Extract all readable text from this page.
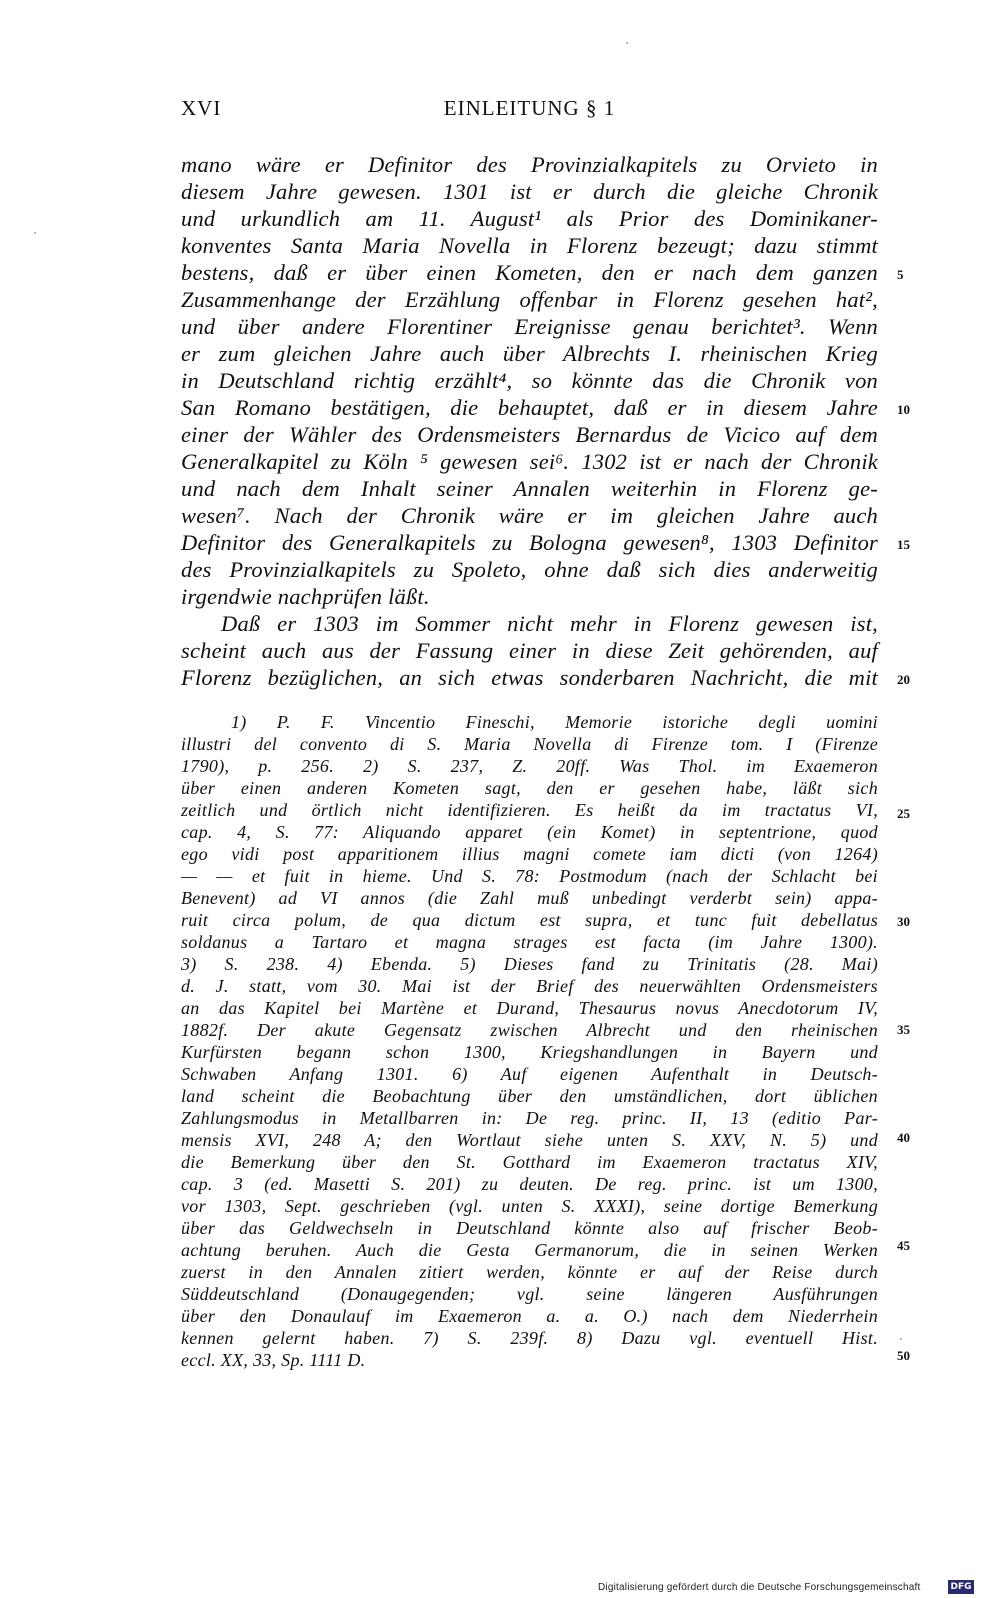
XVI	EINLEITUNG § 1
mano wäre er Definitor des Provinzialkapitels zu Orvieto in
diesem Jahre gewesen. 1301 ist er durch die gleiche Chronik
und urkundlich am 11. August¹ als Prior des Dominikaner-
konventes Santa Maria Novella in Florenz bezeugt; dazu stimmt
bestens, daß er über einen Kometen, den er nach dem ganzen
Zusammenhange der Erzählung offenbar in Florenz gesehen hat²,
und über andere Florentiner Ereignisse genau berichtet³. Wenn
er zum gleichen Jahre auch über Albrechts I. rheinischen Krieg
in Deutschland richtig erzählt⁴, so könnte das die Chronik von
San Romano bestätigen, die behauptet, daß er in diesem Jahre
einer der Wähler des Ordensmeisters Bernardus de Vicico auf dem
Generalkapitel zu Köln ⁵ gewesen sei⁶. 1302 ist er nach der Chronik
und nach dem Inhalt seiner Annalen weiterhin in Florenz ge-
wesen⁷. Nach der Chronik wäre er im gleichen Jahre auch
Definitor des Generalkapitels zu Bologna gewesen⁸, 1303 Definitor
des Provinzialkapitels zu Spoleto, ohne daß sich dies anderweitig
irgendwie nachprüfen läßt.
Daß er 1303 im Sommer nicht mehr in Florenz gewesen ist,
scheint auch aus der Fassung einer in diese Zeit gehörenden, auf
Florenz bezüglichen, an sich etwas sonderbaren Nachricht, die mit
1) P. F. Vincentio Fineschi, Memorie istoriche degli uomini
illustri del convento di S. Maria Novella di Firenze tom. I (Firenze
1790), p. 256. 2) S. 237, Z. 20ff. Was Thol. im Exaemeron
über einen anderen Kometen sagt, den er gesehen habe, läßt sich
zeitlich und örtlich nicht identifizieren. Es heißt da im tractatus VI,
cap. 4, S. 77: Aliquando apparet (ein Komet) in septentrione, quod
ego vidi post apparitionem illius magni comete iam dicti (von 1264)
— — et fuit in hieme. Und S. 78: Postmodum (nach der Schlacht bei
Benevent) ad VI annos (die Zahl muß unbedingt verderbt sein) appa-
ruit circa polum, de qua dictum est supra, et tunc fuit debellatus
soldanus a Tartaro et magna strages est facta (im Jahre 1300).
3) S. 238. 4) Ebenda. 5) Dieses fand zu Trinitatis (28. Mai)
d. J. statt, vom 30. Mai ist der Brief des neuerwählten Ordensmeisters
an das Kapitel bei Martène et Durand, Thesaurus novus Anecdotorum IV,
1882f. Der akute Gegensatz zwischen Albrecht und den rheinischen
Kurfürsten begann schon 1300, Kriegshandlungen in Bayern und
Schwaben Anfang 1301. 6) Auf eigenen Aufenthalt in Deutsch-
land scheint die Beobachtung über den umständlichen, dort üblichen
Zahlungsmodus in Metallbarren in: De reg. princ. II, 13 (editio Par-
mensis XVI, 248 A; den Wortlaut siehe unten S. XXV, N. 5) und
die Bemerkung über den St. Gotthard im Exaemeron tractatus XIV,
cap. 3 (ed. Masetti S. 201) zu deuten. De reg. princ. ist um 1300,
vor 1303, Sept. geschrieben (vgl. unten S. XXXI), seine dortige Bemerkung
über das Geldwechseln in Deutschland könnte also auf frischer Beob-
achtung beruhen. Auch die Gesta Germanorum, die in seinen Werken
zuerst in den Annalen zitiert werden, könnte er auf der Reise durch
Süddeutschland (Donaugegenden; vgl. seine längeren Ausführungen
über den Donaulauf im Exaemeron a. a. O.) nach dem Niederrhein
kennen gelernt haben. 7) S. 239f. 8) Dazu vgl. eventuell Hist.
eccl. XX, 33, Sp. 1111 D.
5
10
15
20
25
30
35
40
45
50
Digitalisierung gefördert durch die Deutsche Forschungsgemeinschaft	DFG
